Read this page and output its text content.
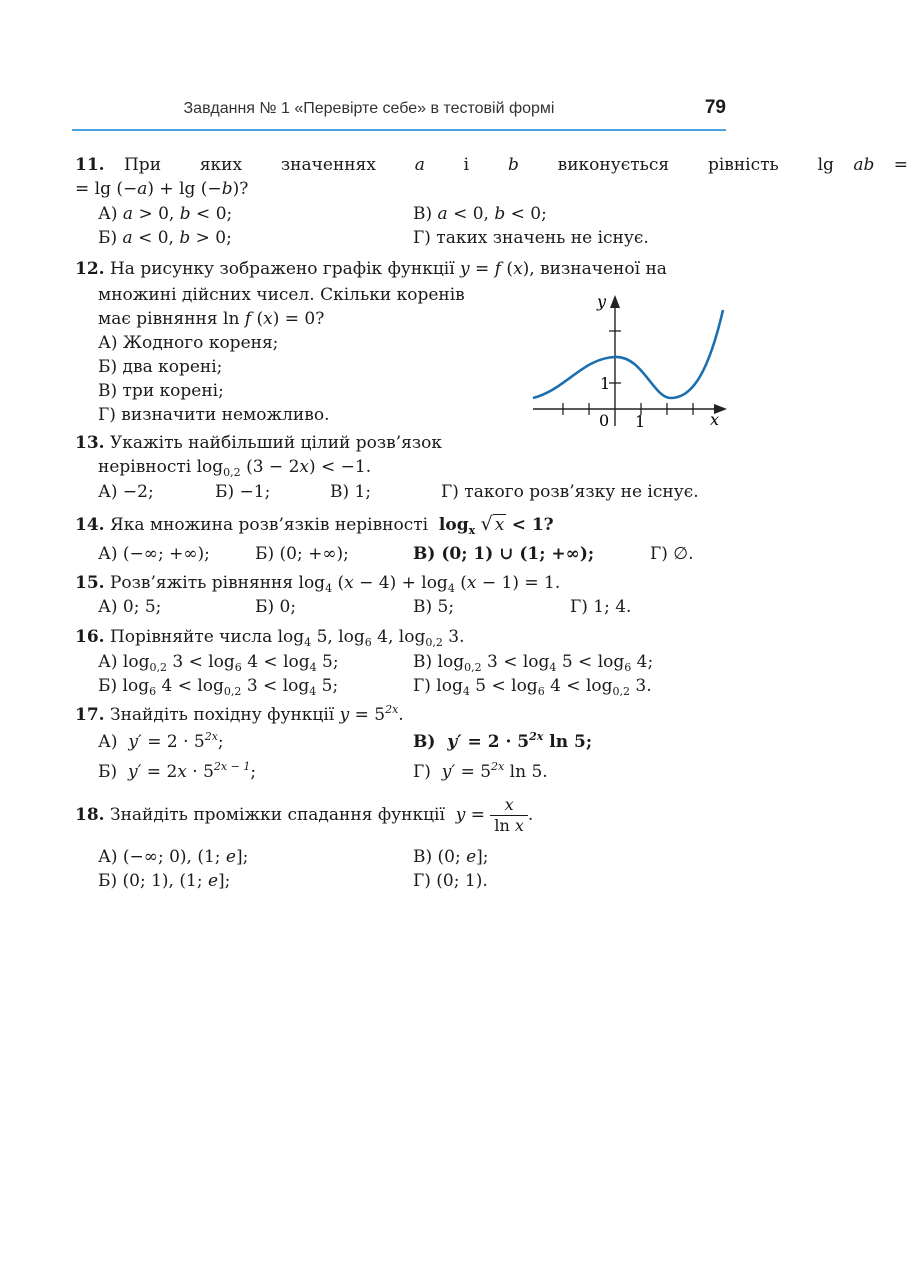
Завдання № 1 «Перевірте себе» в тестовій формі	79
11. При  яких  значеннях  a  і  b  виконується  рівність  lg ab =
= lg (−a) + lg (−b)?
А) a > 0, b < 0;	В) a < 0, b < 0;
Б) a < 0, b > 0;	Г) таких значень не існує.
12. На рисунку зображено графік функції y = f (x), визначеної на
множині дійсних чисел. Скільки коренів
має рівняння ln f (x) = 0?
А) Жодного кореня;
Б) два корені;
В) три корені;
Г) визначити неможливо.
y
x
0 1
1
13. Укажіть найбільший цілий розв’язок
нерівності $\log_{0,2} (3 - 2x) < -1$.
А) −2;	Б) −1;	В) 1;	Г) такого розв’язку не існує.
14. Яка множина розв’язків нерівності  $\log_x$ √ x < 1?
А) (−∞; +∞);	Б) (0; +∞);	В) (0; 1) ∪ (1; +∞);	Г) ∅.
15. Розв’яжіть рівняння $\log_4 (x - 4) + \log_4 (x - 1) = 1$.
А) 0; 5;	Б) 0;	В) 5;	Г) 1; 4.
16. Порівняйте числа $\log_4 5$, $\log_6 4$, $\log_{0,2} 3$.
А) $\log_{0,2} 3 < \log_6 4 < \log_4 5$;	В) $\log_{0,2} 3 < \log_4 5 < \log_6 4$;
Б) $\log_6 4 < \log_{0,2} 3 < \log_4 5$;	Г) $\log_4 5 < \log_6 4 < \log_{0,2} 3$.
17. Знайдіть похідну функції $y = 5^{2x}$.
А)  $y' = 2 \cdot 5^{2x}$;	В)  $y' = 2 \cdot 5^{2x}$ ln 5;
Б)  $y' = 2x \cdot 5^{2x - 1}$;	Г)  $y' = 5^{2x}$ ln 5.
18. Знайдіть проміжки спадання функції  $y = \frac{x}{\text{ln x}}$ .
А) (−∞; 0), (1; e];	В) (0; e];
Б) (0; 1), (1; e];	Г) (0; 1).
